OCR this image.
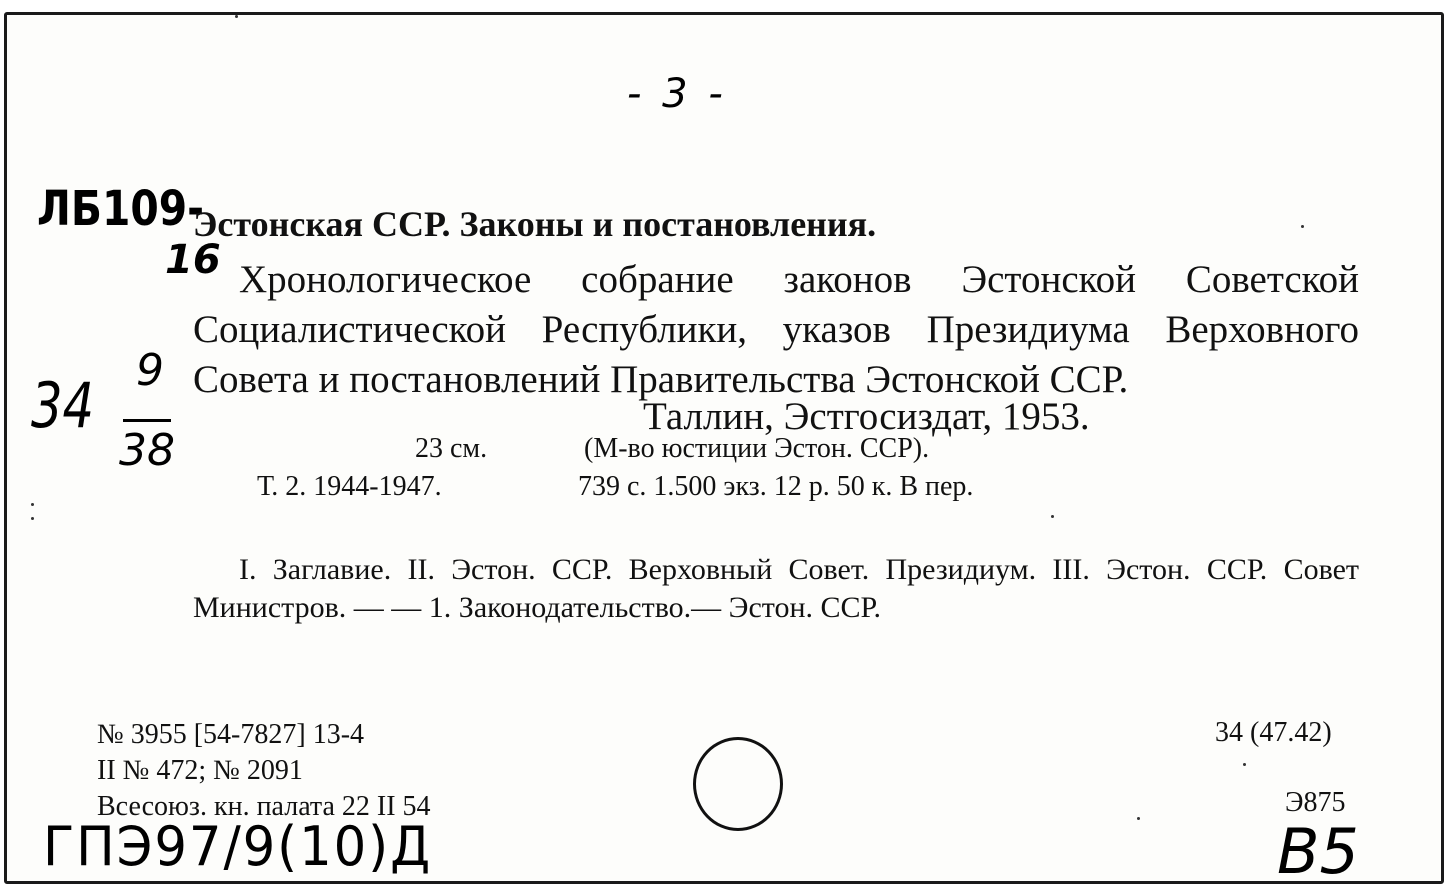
- 3 -
ЛБ109-
16
34 9
38
Эстонская ССР. Законы и постановления.
Хронологическое собрание законов Эстонской Советской Социалистической Республики, указов Президиума Верховного Совета и постановлений Правительства Эстонской ССР.
Таллин, Эстгосиздат, 1953.
23 см.	(М-во юстиции Эстон. ССР).
Т. 2. 1944-1947.	739 с. 1.500 экз. 12 р. 50 к. В пер.
I. Заглавие. II. Эстон. ССР. Верховный Совет. Президиум. III. Эстон. ССР. Совет Министров. — — 1. Законодательство.— Эстон. ССР.
№ 3955 [54-7827] 13-4
II № 472; № 2091
Всесоюз. кн. палата 22 II 54
34 (47.42)
Э875
ГПЭ97/9(10)Д	В5
